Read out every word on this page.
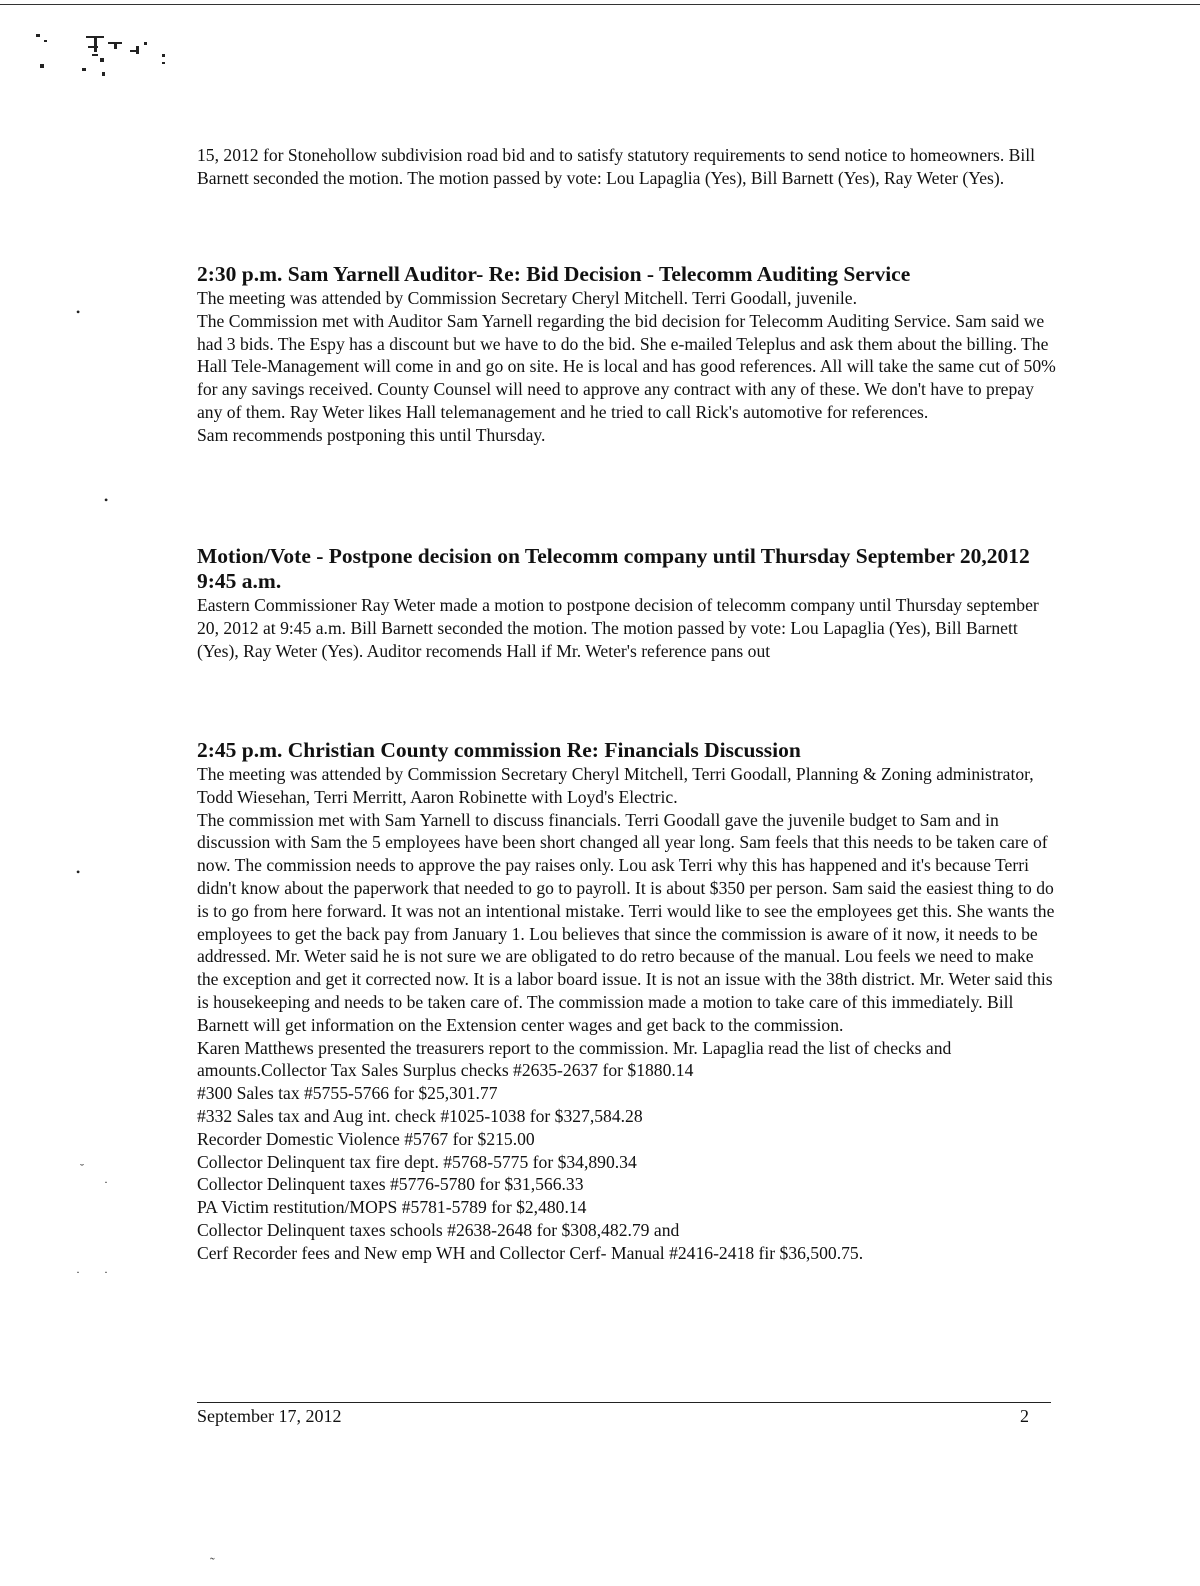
•
•
•
˘
·
· ·

15, 2012 for Stonehollow subdivision road bid and to satisfy statutory requirements to send notice to homeowners. Bill Barnett seconded the motion. The motion passed by vote: Lou Lapaglia (Yes), Bill Barnett (Yes), Ray Weter (Yes).

2:30 p.m. Sam Yarnell Auditor- Re: Bid Decision - Telecomm Auditing Service

The meeting was attended by Commission Secretary Cheryl Mitchell. Terri Goodall, juvenile.

The Commission met with Auditor Sam Yarnell regarding the bid decision for Telecomm Auditing Service. Sam said we had 3 bids. The Espy has a discount but we have to do the bid. She e-mailed Teleplus and ask them about the billing. The Hall Tele-Management will come in and go on site. He is local and has good references. All will take the same cut of 50% for any savings received. County Counsel will need to approve any contract with any of these. We don't have to prepay any of them. Ray Weter likes Hall telemanagement and he tried to call Rick's automotive for references.

Sam recommends postponing this until Thursday.

Motion/Vote - Postpone decision on Telecomm company until Thursday September 20,2012 9:45 a.m.

Eastern Commissioner Ray Weter made a motion to postpone decision of telecomm company until Thursday september 20, 2012 at 9:45 a.m. Bill Barnett seconded the motion. The motion passed by vote: Lou Lapaglia (Yes), Bill Barnett (Yes), Ray Weter (Yes). Auditor recomends Hall if Mr. Weter's reference pans out

2:45 p.m. Christian County commission Re: Financials Discussion

The meeting was attended by Commission Secretary Cheryl Mitchell, Terri Goodall, Planning & Zoning administrator, Todd Wiesehan, Terri Merritt, Aaron Robinette with Loyd's Electric.

The commission met with Sam Yarnell to discuss financials. Terri Goodall gave the juvenile budget to Sam and in discussion with Sam the 5 employees have been short changed all year long. Sam feels that this needs to be taken care of now. The commission needs to approve the pay raises only. Lou ask Terri why this has happened and it's because Terri didn't know about the paperwork that needed to go to payroll. It is about $350 per person. Sam said the easiest thing to do is to go from here forward. It was not an intentional mistake. Terri would like to see the employees get this. She wants the employees to get the back pay from January 1. Lou believes that since the commission is aware of it now, it needs to be addressed. Mr. Weter said he is not sure we are obligated to do retro because of the manual. Lou feels we need to make the exception and get it corrected now. It is a labor board issue. It is not an issue with the 38th district. Mr. Weter said this is housekeeping and needs to be taken care of. The commission made a motion to take care of this immediately. Bill Barnett will get information on the Extension center wages and get back to the commission.

Karen Matthews presented the treasurers report to the commission. Mr. Lapaglia read the list of checks and amounts.Collector Tax Sales Surplus checks #2635-2637 for $1880.14

#300 Sales tax #5755-5766 for $25,301.77

#332 Sales tax and Aug int. check #1025-1038 for $327,584.28

Recorder Domestic Violence #5767 for $215.00

Collector Delinquent tax fire dept. #5768-5775 for $34,890.34

Collector Delinquent taxes #5776-5780 for $31,566.33

PA Victim restitution/MOPS #5781-5789 for $2,480.14

Collector Delinquent taxes schools #2638-2648 for $308,482.79 and

Cerf Recorder fees and New emp WH and Collector Cerf- Manual #2416-2418 fir $36,500.75.

September 17, 2012	2
˜
